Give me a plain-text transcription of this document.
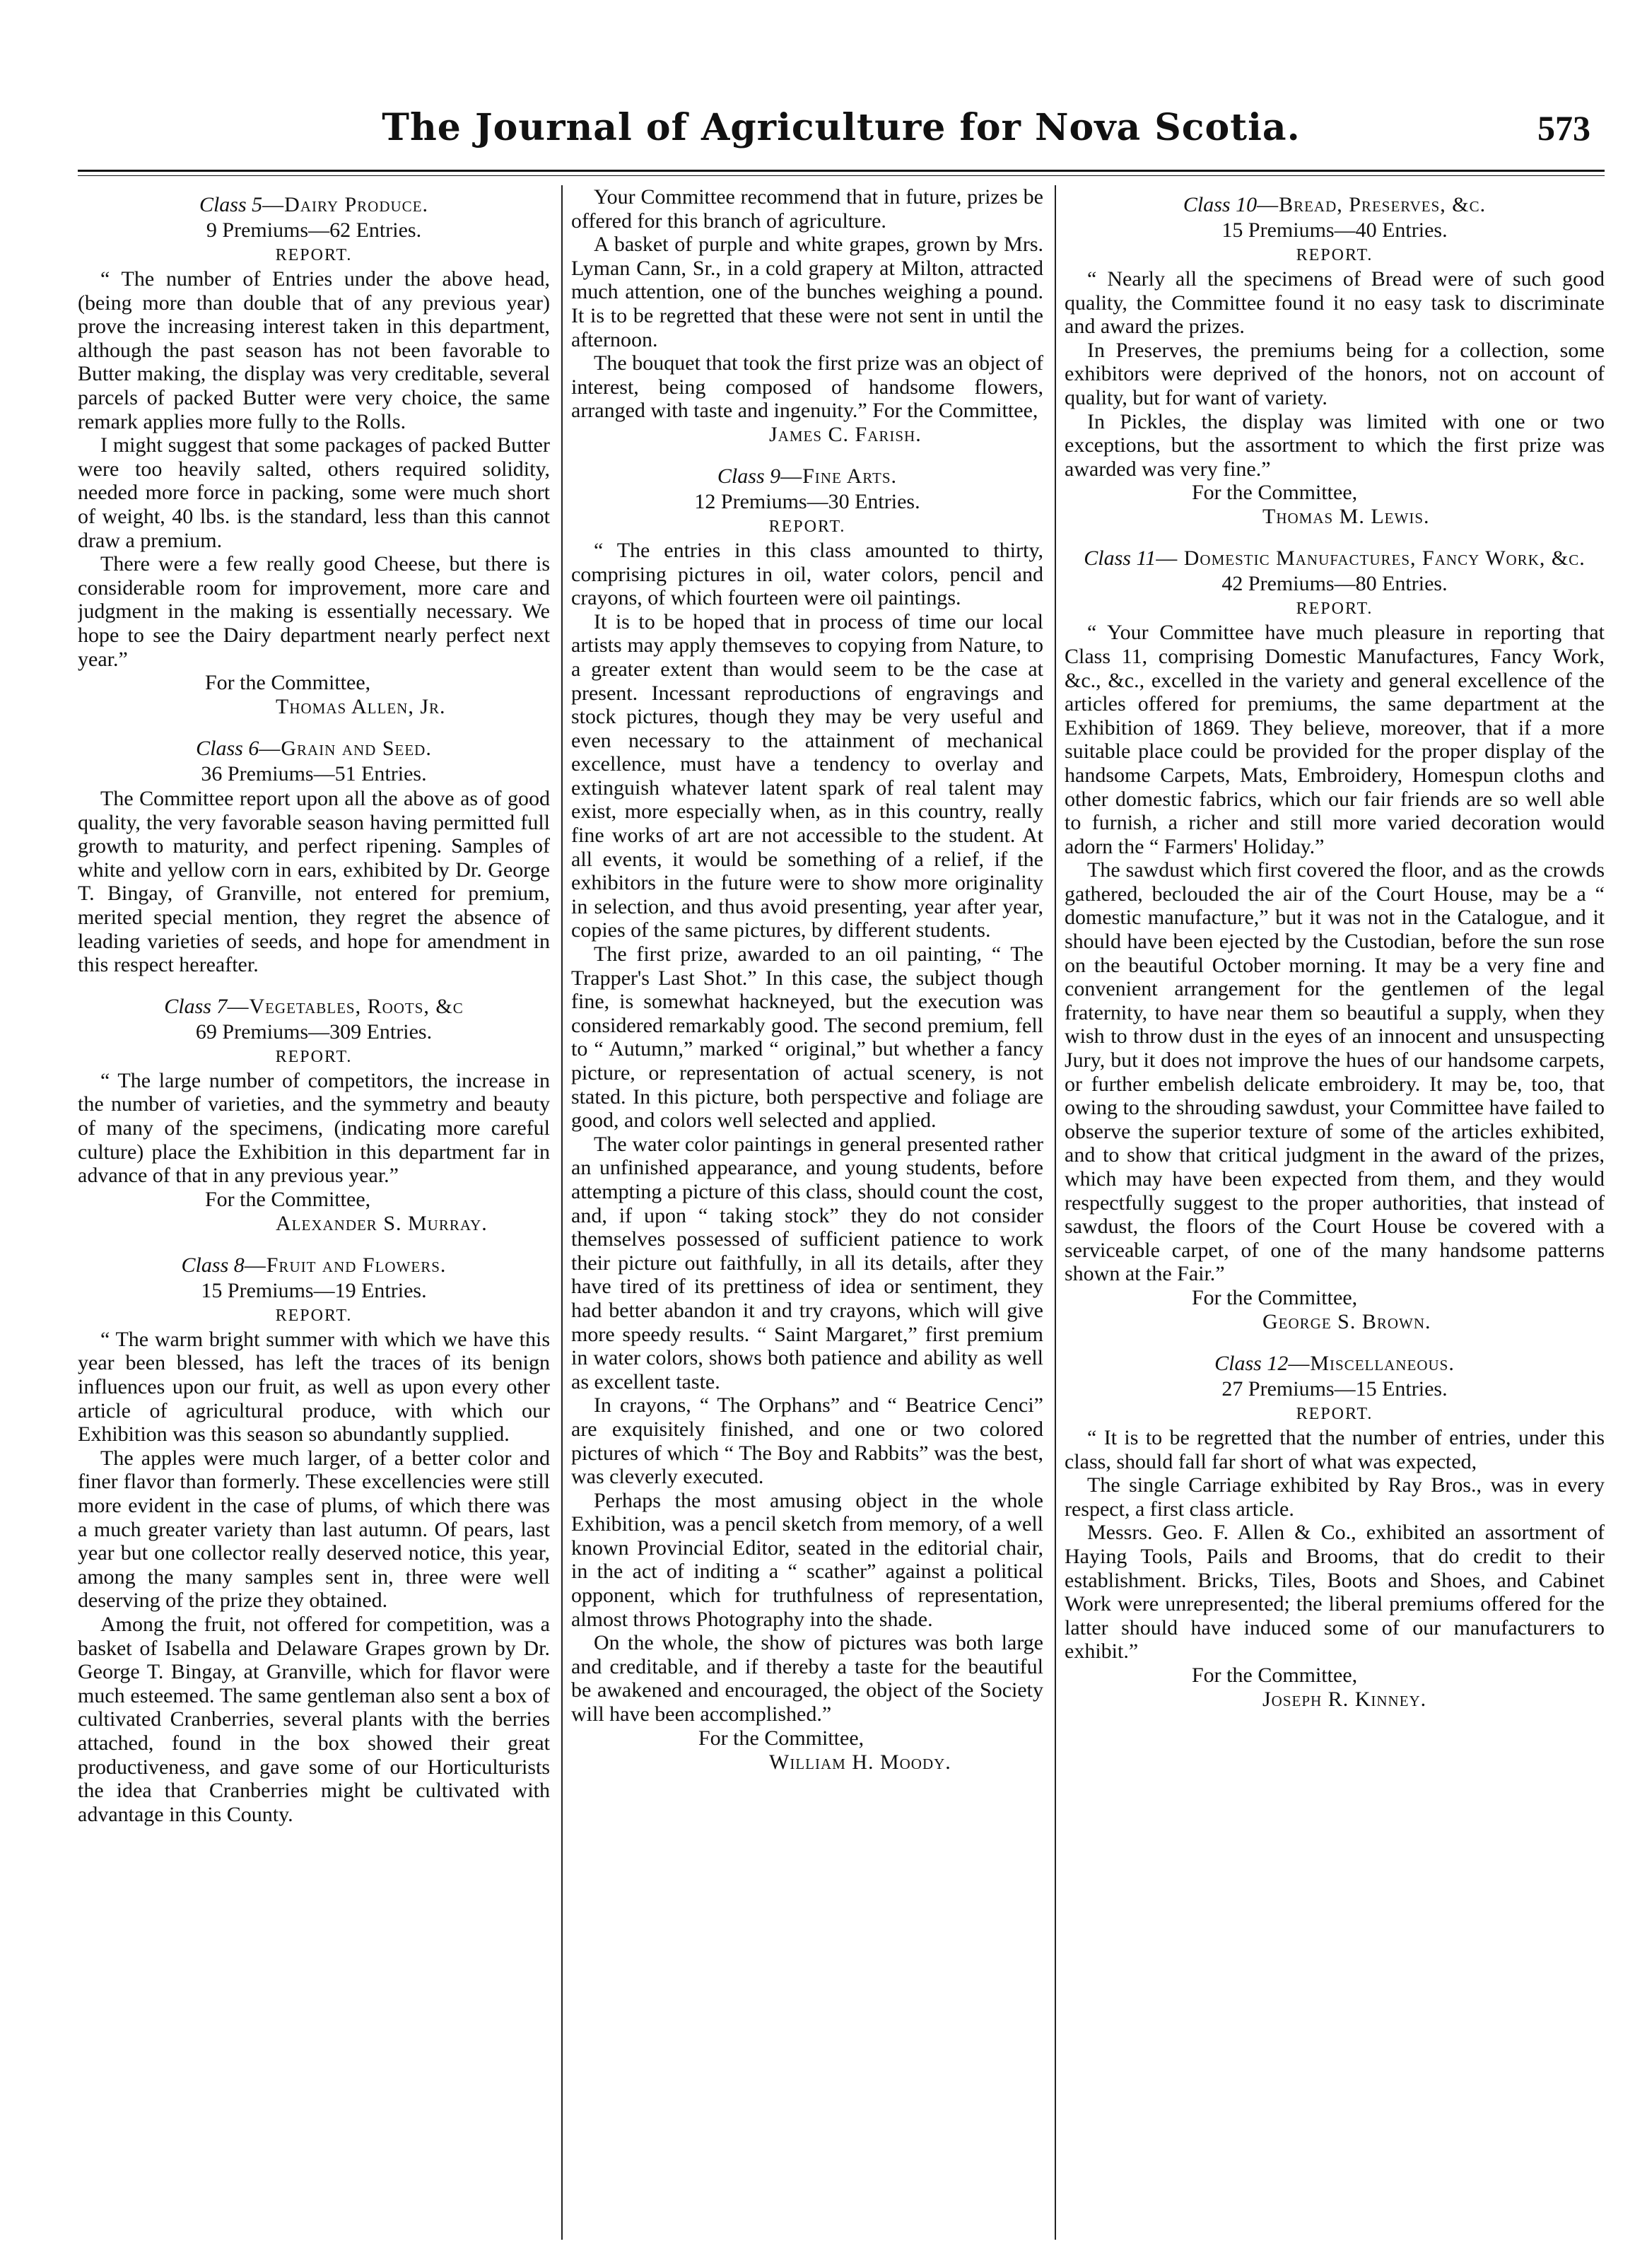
The Journal of Agriculture for Nova Scotia.	573
Class 5—Dairy Produce.
9 Premiums—62 Entries.
REPORT.

“ The number of Entries under the above head, (being more than double that of any previous year) prove the increasing interest taken in this department, although the past season has not been favorable to Butter making, the display was very creditable, several parcels of packed Butter were very choice, the same remark applies more fully to the Rolls.

I might suggest that some packages of packed Butter were too heavily salted, others required solidity, needed more force in packing, some were much short of weight, 40 lbs. is the standard, less than this cannot draw a premium.

There were a few really good Cheese, but there is considerable room for improvement, more care and judgment in the making is essentially necessary. We hope to see the Dairy department nearly perfect next year.”

For the Committee,
Thomas Allen, Jr.
Class 6—Grain and Seed.
36 Premiums—51 Entries.

The Committee report upon all the above as of good quality, the very favorable season having permitted full growth to maturity, and perfect ripening. Samples of white and yellow corn in ears, exhibited by Dr. George T. Bingay, of Granville, not entered for premium, merited special mention, they regret the absence of leading varieties of seeds, and hope for amendment in this respect hereafter.

Class 7—Vegetables, Roots, &c
69 Premiums—309 Entries.
REPORT.

“ The large number of competitors, the increase in the number of varieties, and the symmetry and beauty of many of the specimens, (indicating more careful culture) place the Exhibition in this department far in advance of that in any previous year.”

For the Committee,
Alexander S. Murray.
Class 8—Fruit and Flowers.
15 Premiums—19 Entries.
REPORT.

“ The warm bright summer with which we have this year been blessed, has left the traces of its benign influences upon our fruit, as well as upon every other article of agricultural produce, with which our Exhibition was this season so abundantly supplied.

The apples were much larger, of a better color and finer flavor than formerly. These excellencies were still more evident in the case of plums, of which there was a much greater variety than last autumn. Of pears, last year but one collector really deserved notice, this year, among the many samples sent in, three were well deserving of the prize they obtained.

Among the fruit, not offered for competition, was a basket of Isabella and Delaware Grapes grown by Dr. George T. Bingay, at Granville, which for flavor were much esteemed. The same gentleman also sent a box of cultivated Cranberries, several plants with the berries attached, found in the box showed their great productiveness, and gave some of our Horticulturists the idea that Cranberries might be cultivated with advantage in this County.

Your Committee recommend that in future, prizes be offered for this branch of agriculture.

A basket of purple and white grapes, grown by Mrs. Lyman Cann, Sr., in a cold grapery at Milton, attracted much attention, one of the bunches weighing a pound. It is to be regretted that these were not sent in until the afternoon.

The bouquet that took the first prize was an object of interest, being composed of handsome flowers, arranged with taste and ingenuity.” For the Committee,

James C. Farish.
Class 9—Fine Arts.
12 Premiums—30 Entries.
REPORT.

“ The entries in this class amounted to thirty, comprising pictures in oil, water colors, pencil and crayons, of which fourteen were oil paintings.

It is to be hoped that in process of time our local artists may apply themseves to copying from Nature, to a greater extent than would seem to be the case at present. Incessant reproductions of engravings and stock pictures, though they may be very useful and even necessary to the attainment of mechanical excellence, must have a tendency to overlay and extinguish whatever latent spark of real talent may exist, more especially when, as in this country, really fine works of art are not accessible to the student. At all events, it would be something of a relief, if the exhibitors in the future were to show more originality in selection, and thus avoid presenting, year after year, copies of the same pictures, by different students.

The first prize, awarded to an oil painting, “ The Trapper's Last Shot.” In this case, the subject though fine, is somewhat hackneyed, but the execution was considered remarkably good. The second premium, fell to “ Autumn,” marked “ original,” but whether a fancy picture, or representation of actual scenery, is not stated. In this picture, both perspective and foliage are good, and colors well selected and applied.

The water color paintings in general presented rather an unfinished appearance, and young students, before attempting a picture of this class, should count the cost, and, if upon “ taking stock” they do not consider themselves possessed of sufficient patience to work their picture out faithfully, in all its details, after they have tired of its prettiness of idea or sentiment, they had better abandon it and try crayons, which will give more speedy results. “ Saint Margaret,” first premium in water colors, shows both patience and ability as well as excellent taste.

In crayons, “ The Orphans” and “ Beatrice Cenci” are exquisitely finished, and one or two colored pictures of which “ The Boy and Rabbits” was the best, was cleverly executed.

Perhaps the most amusing object in the whole Exhibition, was a pencil sketch from memory, of a well known Provincial Editor, seated in the editorial chair, in the act of inditing a “ scather” against a political opponent, which for truthfulness of representation, almost throws Photography into the shade.

On the whole, the show of pictures was both large and creditable, and if thereby a taste for the beautiful be awakened and encouraged, the object of the Society will have been accomplished.”

For the Committee,
William H. Moody.
Class 10—Bread, Preserves, &c.
15 Premiums—40 Entries.
REPORT.

“ Nearly all the specimens of Bread were of such good quality, the Committee found it no easy task to discriminate and award the prizes.

In Preserves, the premiums being for a collection, some exhibitors were deprived of the honors, not on account of quality, but for want of variety.

In Pickles, the display was limited with one or two exceptions, but the assortment to which the first prize was awarded was very fine.”

For the Committee,
Thomas M. Lewis.
Class 11— Domestic Manufactures, Fancy Work, &c.
42 Premiums—80 Entries.
REPORT.

“ Your Committee have much pleasure in reporting that Class 11, comprising Domestic Manufactures, Fancy Work, &c., &c., excelled in the variety and general excellence of the articles offered for premiums, the same department at the Exhibition of 1869. They believe, moreover, that if a more suitable place could be provided for the proper display of the handsome Carpets, Mats, Embroidery, Homespun cloths and other domestic fabrics, which our fair friends are so well able to furnish, a richer and still more varied decoration would adorn the “ Farmers' Holiday.”

The sawdust which first covered the floor, and as the crowds gathered, beclouded the air of the Court House, may be a “ domestic manufacture,” but it was not in the Catalogue, and it should have been ejected by the Custodian, before the sun rose on the beautiful October morning. It may be a very fine and convenient arrangement for the gentlemen of the legal fraternity, to have near them so beautiful a supply, when they wish to throw dust in the eyes of an innocent and unsuspecting Jury, but it does not improve the hues of our handsome carpets, or further embelish delicate embroidery. It may be, too, that owing to the shrouding sawdust, your Committee have failed to observe the superior texture of some of the articles exhibited, and to show that critical judgment in the award of the prizes, which may have been expected from them, and they would respectfully suggest to the proper authorities, that instead of sawdust, the floors of the Court House be covered with a serviceable carpet, of one of the many handsome patterns shown at the Fair.”

For the Committee,
George S. Brown.
Class 12—Miscellaneous.
27 Premiums—15 Entries.
REPORT.

“ It is to be regretted that the number of entries, under this class, should fall far short of what was expected,

The single Carriage exhibited by Ray Bros., was in every respect, a first class article.

Messrs. Geo. F. Allen & Co., exhibited an assortment of Haying Tools, Pails and Brooms, that do credit to their establishment. Bricks, Tiles, Boots and Shoes, and Cabinet Work were unrepresented; the liberal premiums offered for the latter should have induced some of our manufacturers to exhibit.”

For the Committee,
Joseph R. Kinney.
